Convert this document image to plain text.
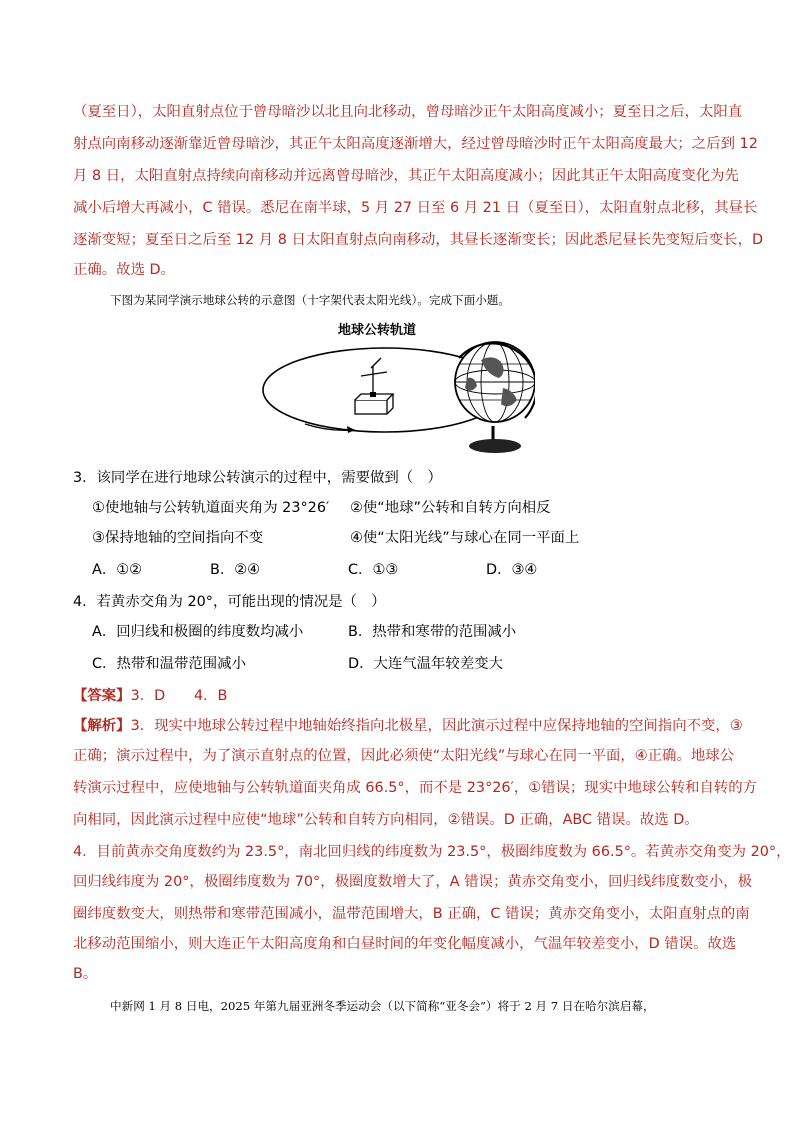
（夏至日），太阳直射点位于曾母暗沙以北且向北移动，曾母暗沙正午太阳高度减小；夏至日之后，太阳直
射点向南移动逐渐靠近曾母暗沙，其正午太阳高度逐渐增大，经过曾母暗沙时正午太阳高度最大；之后到 12
月 8 日，太阳直射点持续向南移动并远离曾母暗沙，其正午太阳高度减小；因此其正午太阳高度变化为先
减小后增大再减小，C 错误。悉尼在南半球，5 月 27 日至 6 月 21 日（夏至日），太阳直射点北移，其昼长
逐渐变短；夏至日之后至 12 月 8 日太阳直射点向南移动，其昼长逐渐变长；因此悉尼昼长先变短后变长，D
正确。故选 D。
下图为某同学演示地球公转的示意图（十字架代表太阳光线）。完成下面小题。
地球公转轨道
3．该同学在进行地球公转演示的过程中，需要做到（　）
①使地轴与公转轨道面夹角为 23°26′ ②使“地球”公转和自转方向相反
③保持地轴的空间指向不变	④使“太阳光线”与球心在同一平面上
A．①②	B．②④	C．①③	D．③④
4．若黄赤交角为 20°，可能出现的情况是（　）
A．回归线和极圈的纬度数均减小	B．热带和寒带的范围减小
C．热带和温带范围减小	D．大连气温年较差变大
【答案】3．D　　4．B
【解析】3．现实中地球公转过程中地轴始终指向北极星，因此演示过程中应保持地轴的空间指向不变，③
正确；演示过程中，为了演示直射点的位置，因此必须使“太阳光线”与球心在同一平面，④正确。地球公
转演示过程中，应使地轴与公转轨道面夹角成 66.5°，而不是 23°26′，①错误；现实中地球公转和自转的方
向相同，因此演示过程中应使“地球”公转和自转方向相同，②错误。D 正确，ABC 错误。故选 D。
4．目前黄赤交角度数约为 23.5°，南北回归线的纬度数为 23.5°，极圈纬度数为 66.5°。若黄赤交角变为 20°，
回归线纬度为 20°，极圈纬度数为 70°，极圈度数增大了，A 错误；黄赤交角变小，回归线纬度数变小，极
圈纬度数变大，则热带和寒带范围减小，温带范围增大，B 正确，C 错误；黄赤交角变小，太阳直射点的南
北移动范围缩小，则大连正午太阳高度角和白昼时间的年变化幅度减小，气温年较差变小，D 错误。故选
B。
中新网 1 月 8 日电，2025 年第九届亚洲冬季运动会（以下简称“亚冬会”）将于 2 月 7 日在哈尔滨启幕，
